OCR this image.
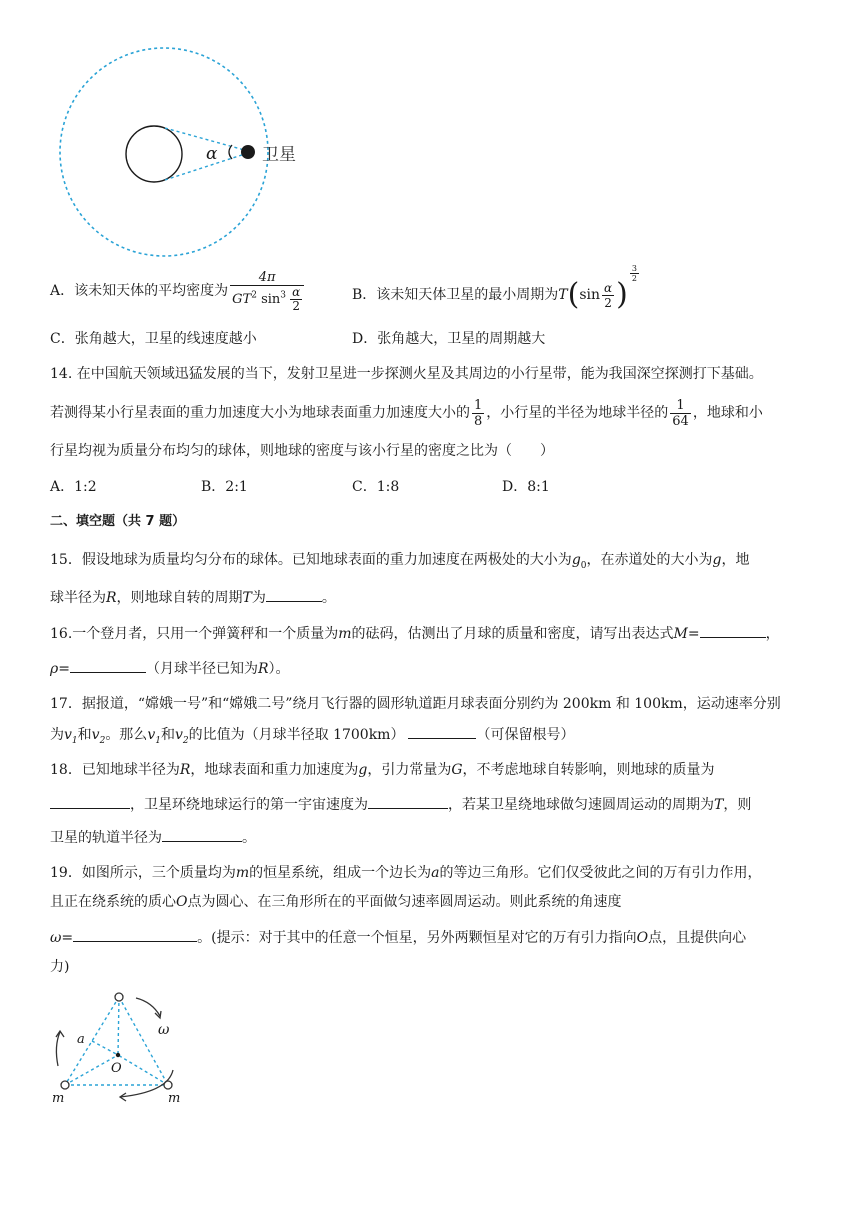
α	卫星
A．该未知天体的平均密度为 $\frac{4\pi}{GT^2 \sin^3 \frac{\alpha}{2}}$	B．该未知天体卫星的最小周期为$T(\sin \frac{\alpha}{2}$ )
$\frac{3}{2}$
C．张角越大，卫星的线速度越小	D．张角越大，卫星的周期越大
14. 在中国航天领域迅猛发展的当下，发射卫星进一步探测火星及其周边的小行星带，能为我国深空探测打下基础。
若测得某小行星表面的重力加速度大小为地球表面重力加速度大小的 $\frac{1}{8}$ ，小行星的半径为地球半径的 $\frac{1}{64}$ ，地球和小
行星均视为质量分布均匀的球体，则地球的密度与该小行星的密度之比为（　　）
A．1:2	B．2:1	C．1:8	D．8:1
二、填空题（共 7 题）
15．假设地球为质量均匀分布的球体。已知地球表面的重力加速度在两极处的大小为$g_0$，在赤道处的大小为g，地
球半径为R，则地球自转的周期T为	。
16.一个登月者，只用一个弹簧秤和一个质量为m的砝码，估测出了月球的质量和密度，请写出表达式M=	，
ρ=	（月球半径已知为R）。
17．据报道，“嫦娥一号”和“嫦娥二号”绕月飞行器的圆形轨道距月球表面分别约为 200km 和 100km，运动速率分别
为$v_1$和$v_2$。那么$v_1$和$v_2$的比值为（月球半径取 1700km）	（可保留根号）
18．已知地球半径为R，地球表面和重力加速度为g，引力常量为G，不考虑地球自转影响，则地球的质量为
，卫星环绕地球运行的第一宇宙速度为	，若某卫星绕地球做匀速圆周运动的周期为T，则
卫星的轨道半径为	。
19．如图所示，三个质量均为m的恒星系统，组成一个边长为a的等边三角形。它们仅受彼此之间的万有引力作用，
且正在绕系统的质心O点为圆心、在三角形所在的平面做匀速率圆周运动。则此系统的角速度
ω=	。(提示：对于其中的任意一个恒星，另外两颗恒星对它的万有引力指向O点，且提供向心
力)
a
O
ω
m	m
